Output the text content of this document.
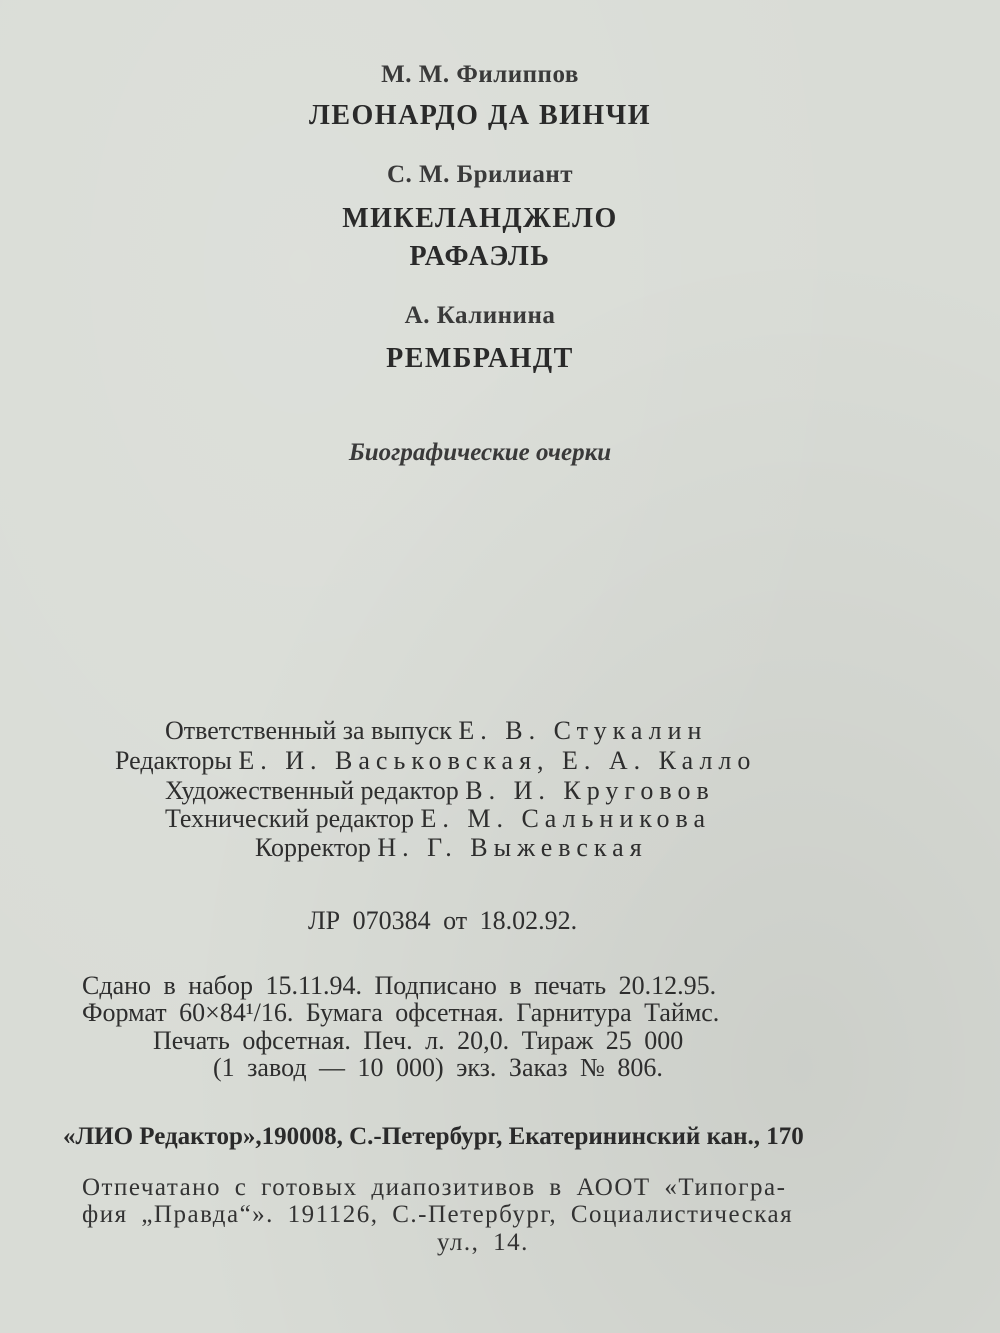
М. М. Филиппов
ЛЕОНАРДО ДА ВИНЧИ
С. М. Брилиант
МИКЕЛАНДЖЕЛО
РАФАЭЛЬ
А. Калинина
РЕМБРАНДТ
Биографические очерки
Ответственный за выпуск Е. В. Стукалин
Редакторы Е. И. Васьковская, Е. А. Калло
Художественный редактор В. И. Круговов
Технический редактор Е. М. Сальникова
Корректор Н. Г. Выжевская
ЛР 070384 от 18.02.92.
Сдано в набор 15.11.94. Подписано в печать 20.12.95.
Формат 60×84¹/16. Бумага офсетная. Гарнитура Таймс.
Печать офсетная. Печ. л. 20,0. Тираж 25 000
(1 завод — 10 000) экз. Заказ № 806.
«ЛИО Редактор»,190008, С.-Петербург, Екатерининский кан., 170
Отпечатано с готовых диапозитивов в АООТ «Типогра-
фия „Правда“». 191126, С.-Петербург, Социалистическая
ул., 14.
